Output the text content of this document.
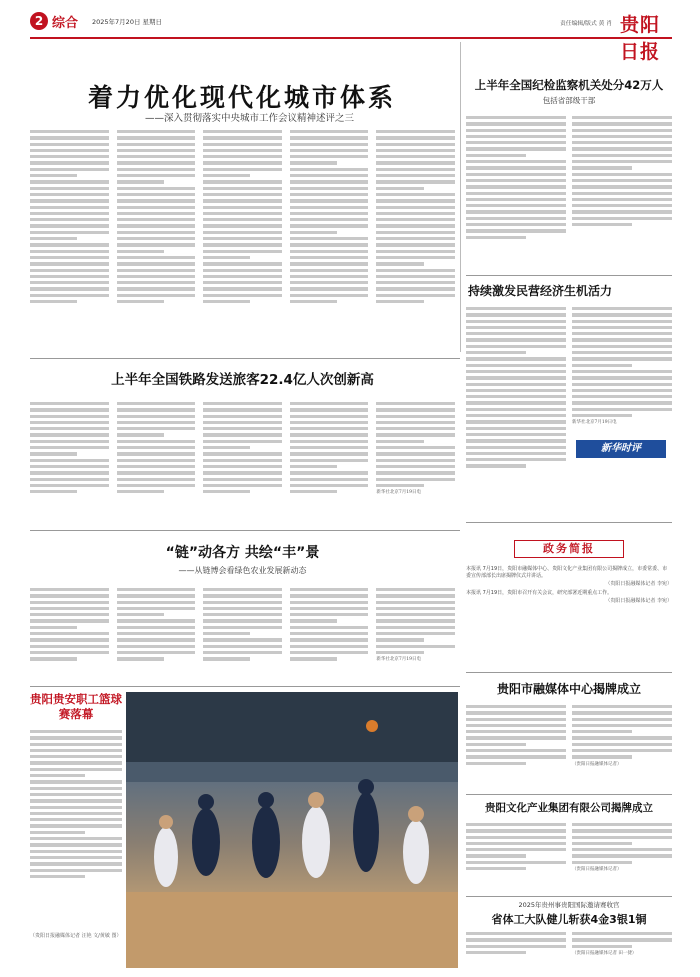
2 综合 2025年7月20日 星期日	责任编辑/版式 黄 肖 贵阳日报
着力优化现代化城市体系
——深入贯彻落实中央城市工作会议精神述评之三
上半年全国纪检监察机关处分42万人
包括省部级干部
持续激发民营经济生机活力
新华社北京7月19日电
新华时评
上半年全国铁路发送旅客22.4亿人次创新高
新华社北京7月19日电
“链”动各方 共绘“丰”景
——从链博会看绿色农业发展新动态
新华社北京7月19日电
政务简报
本报讯 7月19日，贵阳市融媒体中心、贵阳文化产业集团有限公司揭牌成立，市委常委、市委宣传部部长出席揭牌仪式并讲话。
（贵阳日报融媒体记者 李宛）
本报讯 7月19日，贵阳市召开有关会议，研究部署近期重点工作。
（贵阳日报融媒体记者 李宛）
贵阳市融媒体中心揭牌成立
（贵阳日报融媒体记者）
贵阳贵安职工篮球赛落幕
（贵阳日报融媒体记者 汪艳 文/黄敏 图）
贵阳文化产业集团有限公司揭牌成立
（贵阳日报融媒体记者）
2025年贵州事贵阳国际邀请赛收官
省体工大队健儿斩获4金3银1铜
（贵阳日报融媒体记者 田一捷）
